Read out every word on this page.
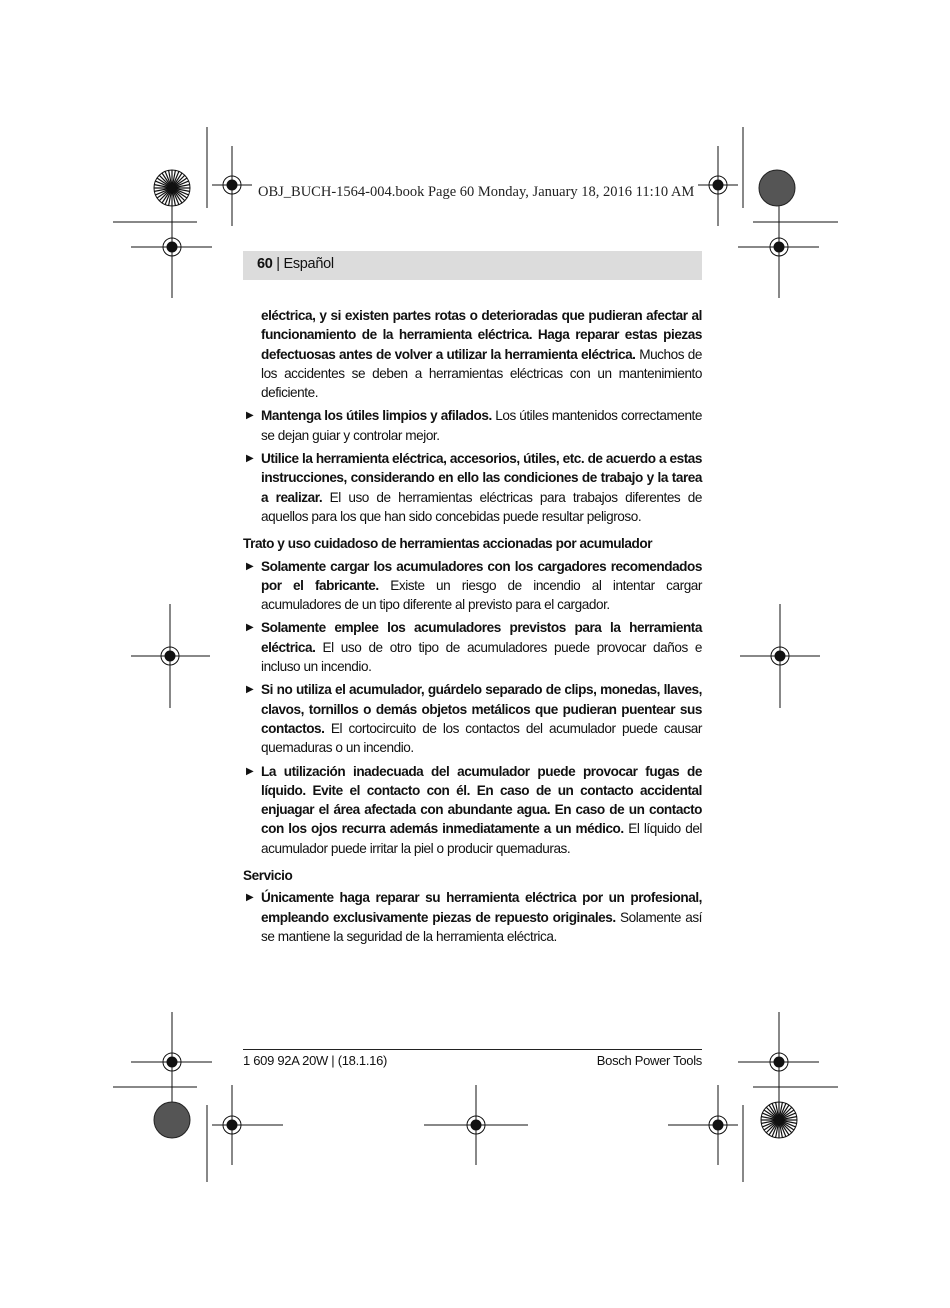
OBJ_BUCH-1564-004.book Page 60 Monday, January 18, 2016 11:10 AM
60 | Español

eléctrica, y si existen partes rotas o deterioradas que pudieran afectar al funcionamiento de la herramienta eléctrica. Haga reparar estas piezas defectuosas antes de volver a utilizar la herramienta eléctrica. Muchos de los accidentes se deben a herramientas eléctricas con un mantenimiento deficiente.

▶ Mantenga los útiles limpios y afilados. Los útiles mantenidos correctamente se dejan guiar y controlar mejor.

▶ Utilice la herramienta eléctrica, accesorios, útiles, etc. de acuerdo a estas instrucciones, considerando en ello las condiciones de trabajo y la tarea a realizar. El uso de herramientas eléctricas para trabajos diferentes de aquellos para los que han sido concebidas puede resultar peligroso.

Trato y uso cuidadoso de herramientas accionadas por acumulador

▶ Solamente cargar los acumuladores con los cargadores recomendados por el fabricante. Existe un riesgo de incendio al intentar cargar acumuladores de un tipo diferente al previsto para el cargador.

▶ Solamente emplee los acumuladores previstos para la herramienta eléctrica. El uso de otro tipo de acumuladores puede provocar daños e incluso un incendio.

▶ Si no utiliza el acumulador, guárdelo separado de clips, monedas, llaves, clavos, tornillos o demás objetos metálicos que pudieran puentear sus contactos. El cortocircuito de los contactos del acumulador puede causar quemaduras o un incendio.

▶ La utilización inadecuada del acumulador puede provocar fugas de líquido. Evite el contacto con él. En caso de un contacto accidental enjuagar el área afectada con abundante agua. En caso de un contacto con los ojos recurra además inmediatamente a un médico. El líquido del acumulador puede irritar la piel o producir quemaduras.

Servicio

▶ Únicamente haga reparar su herramienta eléctrica por un profesional, empleando exclusivamente piezas de repuesto originales. Solamente así se mantiene la seguridad de la herramienta eléctrica.

1 609 92A 20W | (18.1.16)	Bosch Power Tools
